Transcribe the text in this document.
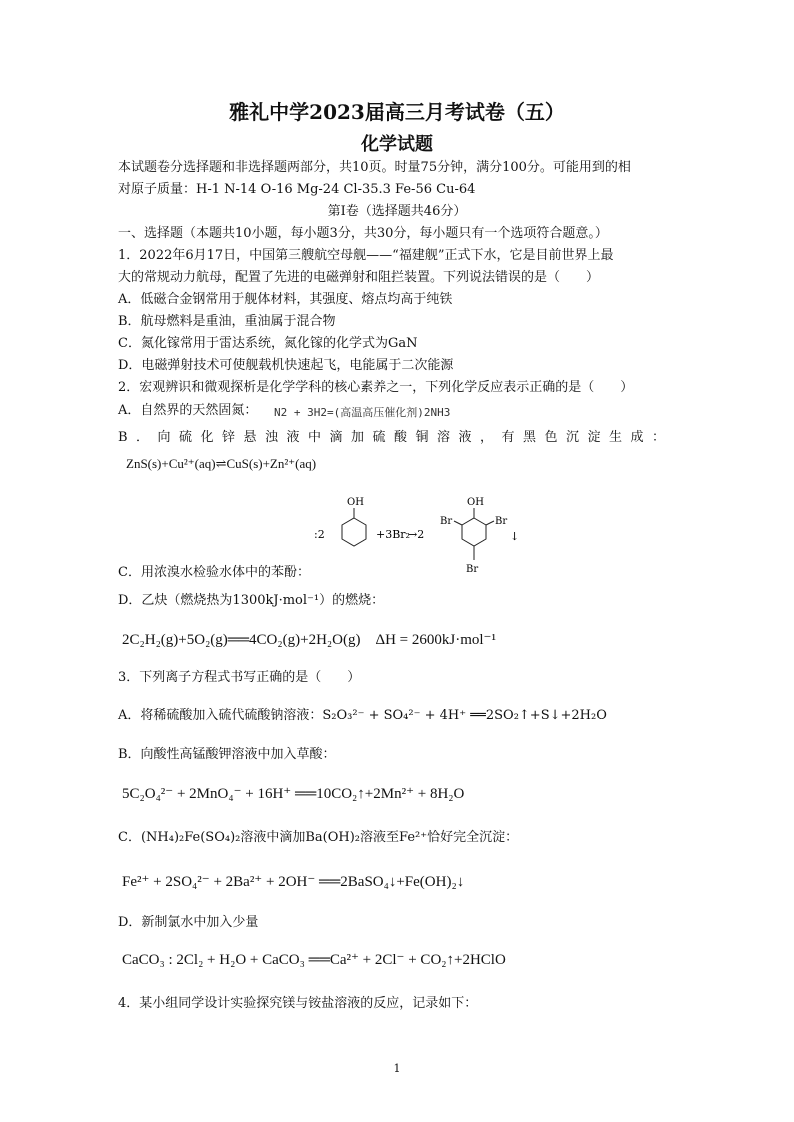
雅礼中学2023届高三月考试卷（五）
化学试题
本试题卷分选择题和非选择题两部分，共10页。时量75分钟，满分100分。可能用到的相
对原子质量：H-1 N-14 O-16 Mg-24 Cl-35.3 Fe-56 Cu-64
第Ⅰ卷（选择题共46分）
一、选择题（本题共10小题，每小题3分，共30分，每小题只有一个选项符合题意。）
1．2022年6月17日，中国第三艘航空母舰——“福建舰”正式下水，它是目前世界上最
大的常规动力航母，配置了先进的电磁弹射和阻拦装置。下列说法错误的是（　　）
A．低磁合金钢常用于舰体材料，其强度、熔点均高于纯铁
B．航母燃料是重油，重油属于混合物
C．氮化镓常用于雷达系统，氮化镓的化学式为GaN
D．电磁弹射技术可使舰载机快速起飞，电能属于二次能源
2．宏观辨识和微观探析是化学学科的核心素养之一，下列化学反应表示正确的是（　　）
A．自然界的天然固氮： N2 + 3H2=(高温高压催化剂)2NH3
B．向硫化锌悬浊液中滴加硫酸铜溶液，有黑色沉淀生成：
ZnS(s)+Cu²⁺(aq)⇌CuS(s)+Zn²⁺(aq)
:2
OH
+3Br₂
→2
OH
Br	Br
Br
↓
C．用浓溴水检验水体中的苯酚：
D．乙炔（燃烧热为1300kJ·mol⁻¹）的燃烧：
2C₂H₂(g)+5O₂(g)══4CO₂(g)+2H₂O(g)　ΔH = 2600kJ·mol⁻¹
3．下列离子方程式书写正确的是（　　）
A．将稀硫酸加入硫代硫酸钠溶液：S₂O₃²⁻ + SO₄²⁻ + 4H⁺ ══2SO₂↑+S↓+2H₂O
B．向酸性高锰酸钾溶液中加入草酸：
5C₂O₄²⁻ + 2MnO₄⁻ + 16H⁺ ══10CO₂↑+2Mn²⁺ + 8H₂O
C．(NH₄)₂Fe(SO₄)₂溶液中滴加Ba(OH)₂溶液至Fe²⁺恰好完全沉淀：
Fe²⁺ + 2SO₄²⁻ + 2Ba²⁺ + 2OH⁻ ══2BaSO₄↓+Fe(OH)₂↓
D．新制氯水中加入少量
CaCO₃ : 2Cl₂ + H₂O + CaCO₃ ══Ca²⁺ + 2Cl⁻ + CO₂↑+2HClO
4．某小组同学设计实验探究镁与铵盐溶液的反应，记录如下：
1
